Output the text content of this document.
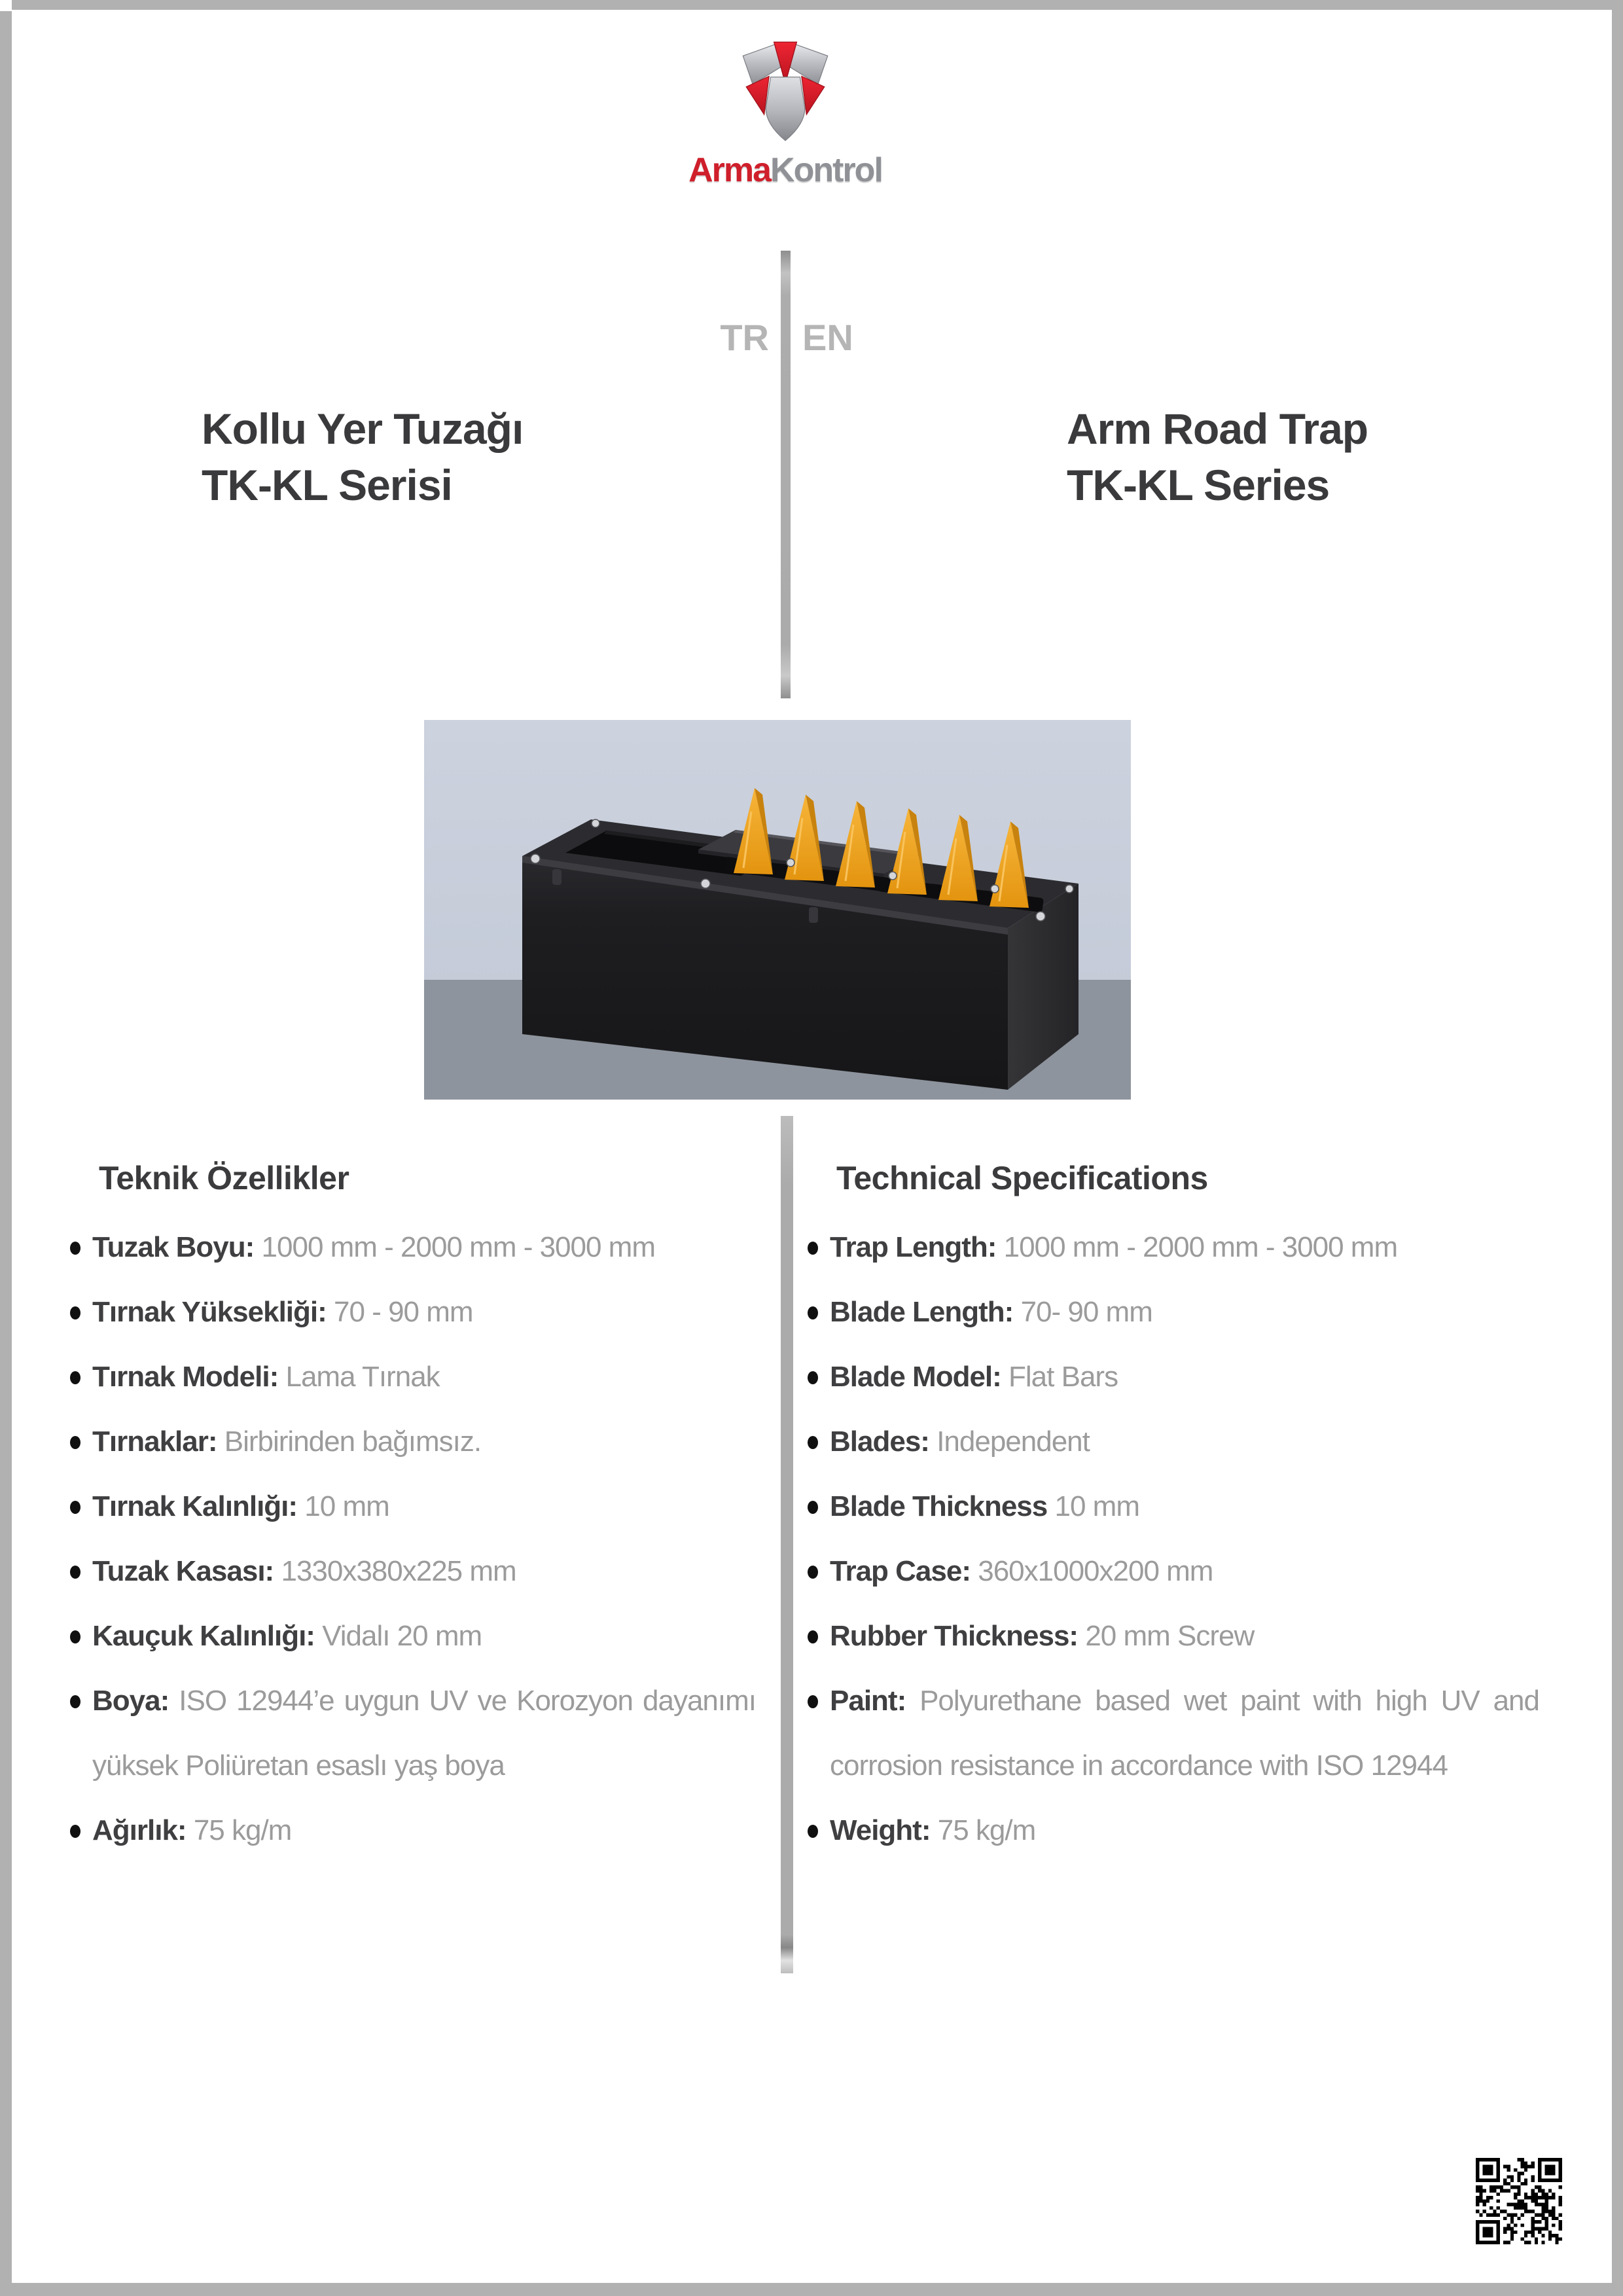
ArmaKontrol
TR EN
Kollu Yer Tuzağı
TK-KL Serisi
Arm Road Trap
TK-KL Series
Teknik Özellikler
Tuzak Boyu: 1000 mm - 2000 mm - 3000 mm
Tırnak Yüksekliği: 70 - 90 mm
Tırnak Modeli: Lama Tırnak
Tırnaklar: Birbirinden bağımsız.
Tırnak Kalınlığı: 10 mm
Tuzak Kasası: 1330x380x225 mm
Kauçuk Kalınlığı: Vidalı 20 mm
Boya: ISO 12944’e uygun UV ve Korozyon dayanımı yüksek Poliüretan esaslı yaş boya
Ağırlık: 75 kg/m
Technical Specifications
Trap Length: 1000 mm - 2000 mm - 3000 mm
Blade Length: 70- 90 mm
Blade Model: Flat Bars
Blades: Independent
Blade Thickness 10 mm
Trap Case: 360x1000x200 mm
Rubber Thickness: 20 mm Screw
Paint: Polyurethane based wet paint with high UV and corrosion resistance in accordance with ISO 12944
Weight: 75 kg/m
